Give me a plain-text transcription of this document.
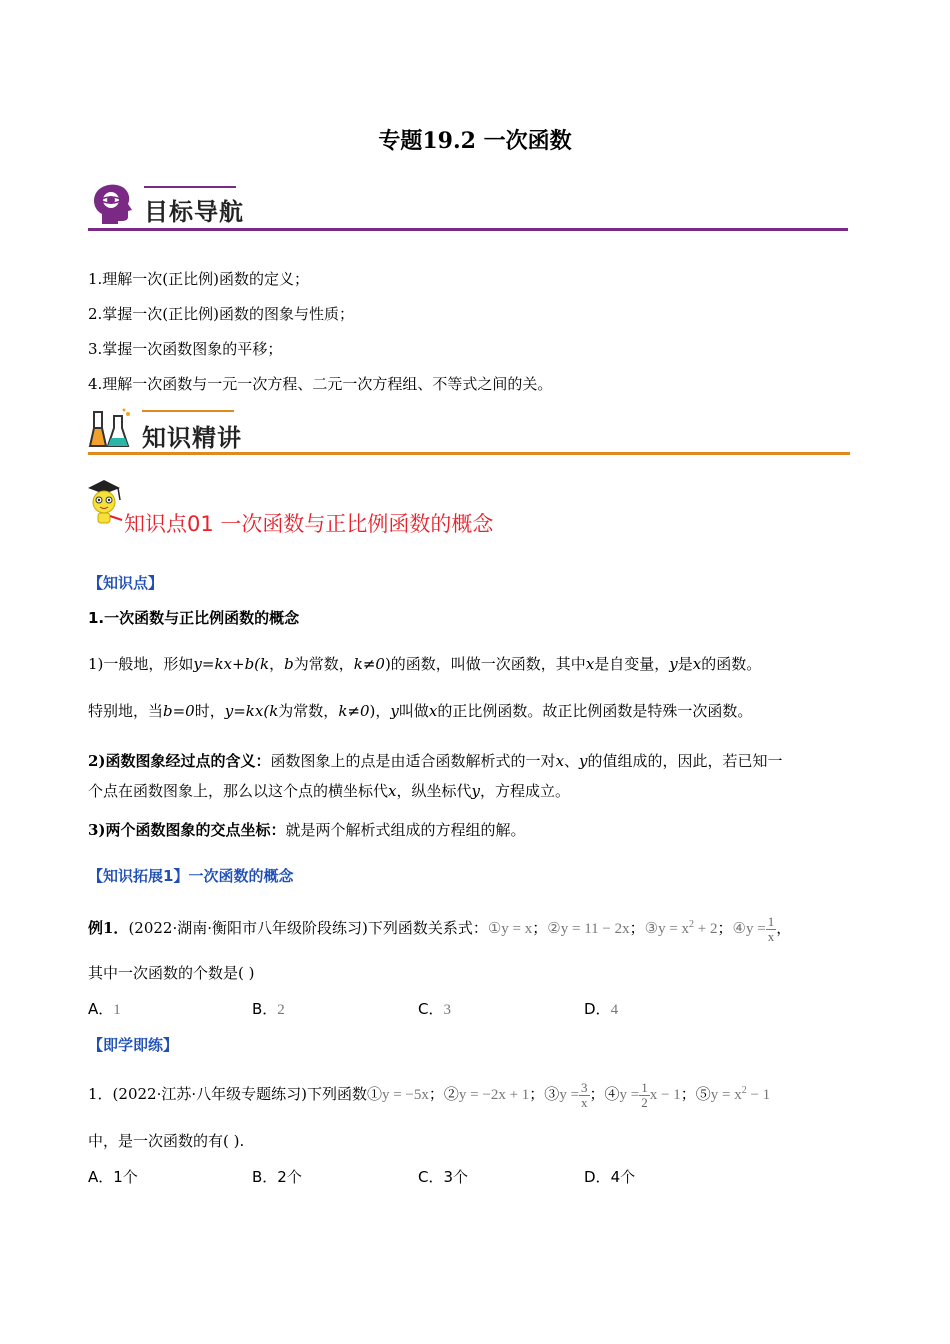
专题19.2 一次函数
目标导航
1.理解一次(正比例)函数的定义；
2.掌握一次(正比例)函数的图象与性质；
3.掌握一次函数图象的平移；
4.理解一次函数与一元一次方程、二元一次方程组、不等式之间的关。
知识精讲
知识点01 一次函数与正比例函数的概念
【知识点】
1.一次函数与正比例函数的概念
1)一般地，形如y=kx+b(k，b为常数，k≠0)的函数，叫做一次函数，其中x是自变量，y是x的函数。
特别地，当b=0时，y=kx(k为常数，k≠0)，y叫做x的正比例函数。故正比例函数是特殊一次函数。
2)函数图象经过点的含义：函数图象上的点是由适合函数解析式的一对x、y的值组成的，因此，若已知一
个点在函数图象上，那么以这个点的横坐标代x，纵坐标代y，方程成立。
3)两个函数图象的交点坐标：就是两个解析式组成的方程组的解。
【知识拓展1】一次函数的概念
例1．(2022·湖南·衡阳市八年级阶段练习)下列函数关系式：①y = x；②y = 11 − 2x；③y = $x^2 + 2$；④y = $\frac{1}{x}$ ，
其中一次函数的个数是( )
A．1	B．2	C．3	D．4
【即学即练】
1．(2022·江苏·八年级专题练习)下列函数①y = −5x；②y = −2x + 1；③y = $\frac{3}{x}$ ；④y = $\frac{1}{2}$ x − 1；⑤y = $x^2 - 1$
中，是一次函数的有( ).
A．1个	B．2个	C．3个	D．4个
